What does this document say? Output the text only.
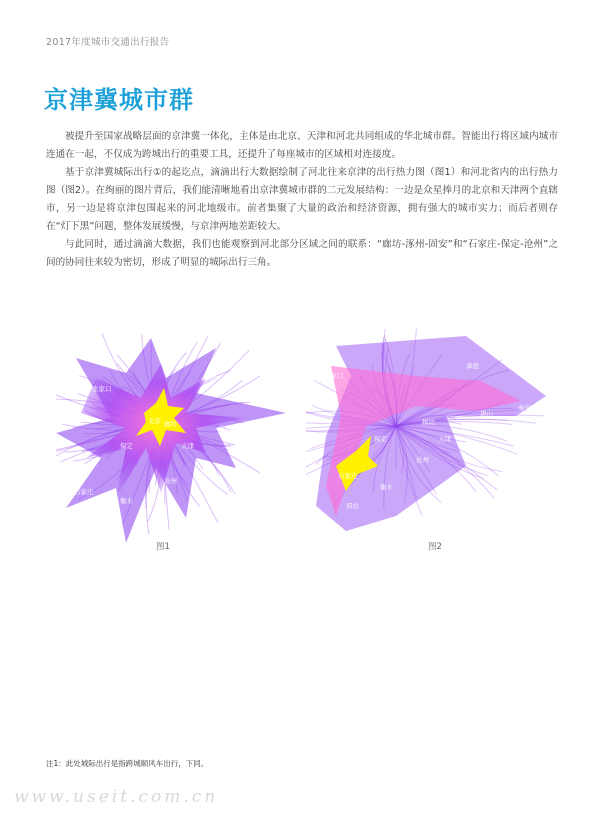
2017年度城市交通出行报告
京津冀城市群

被提升至国家战略层面的京津冀一体化，主体是由北京、天津和河北共同组成的华北城市群。智能出行将区域内城市连通在一起，不仅成为跨城出行的重要工具，还提升了每座城市的区域相对连接度。

基于京津冀城际出行①的起讫点，滴滴出行大数据绘制了河北往来京津的出行热力图（图1）和河北省内的出行热力图（图2）。在绚丽的图片背后，我们能清晰地看出京津冀城市群的二元发展结构：一边是众星捧月的北京和天津两个直辖市，另一边是将京津包围起来的河北地级市。前者集聚了大量的政治和经济资源，拥有强大的城市实力；而后者则存在“灯下黑”问题，整体发展缓慢，与京津两地差距较大。

与此同时，通过滴滴大数据，我们也能观察到河北部分区域之间的联系：“廊坊-涿州-固安”和“石家庄-保定-沧州”之间的协同往来较为密切，形成了明显的城际出行三角。

张家口
承德
北京 廊坊
唐山
保定	天津
沧州
石家庄
衡水
邢台
图1
张家口
承德
秦皇岛
唐山
廊坊
保定	天津
沧州
石家庄
衡水
邢台
图2
注1：此处城际出行是指跨城顺风车出行，下同。
www.useit.com.cn
